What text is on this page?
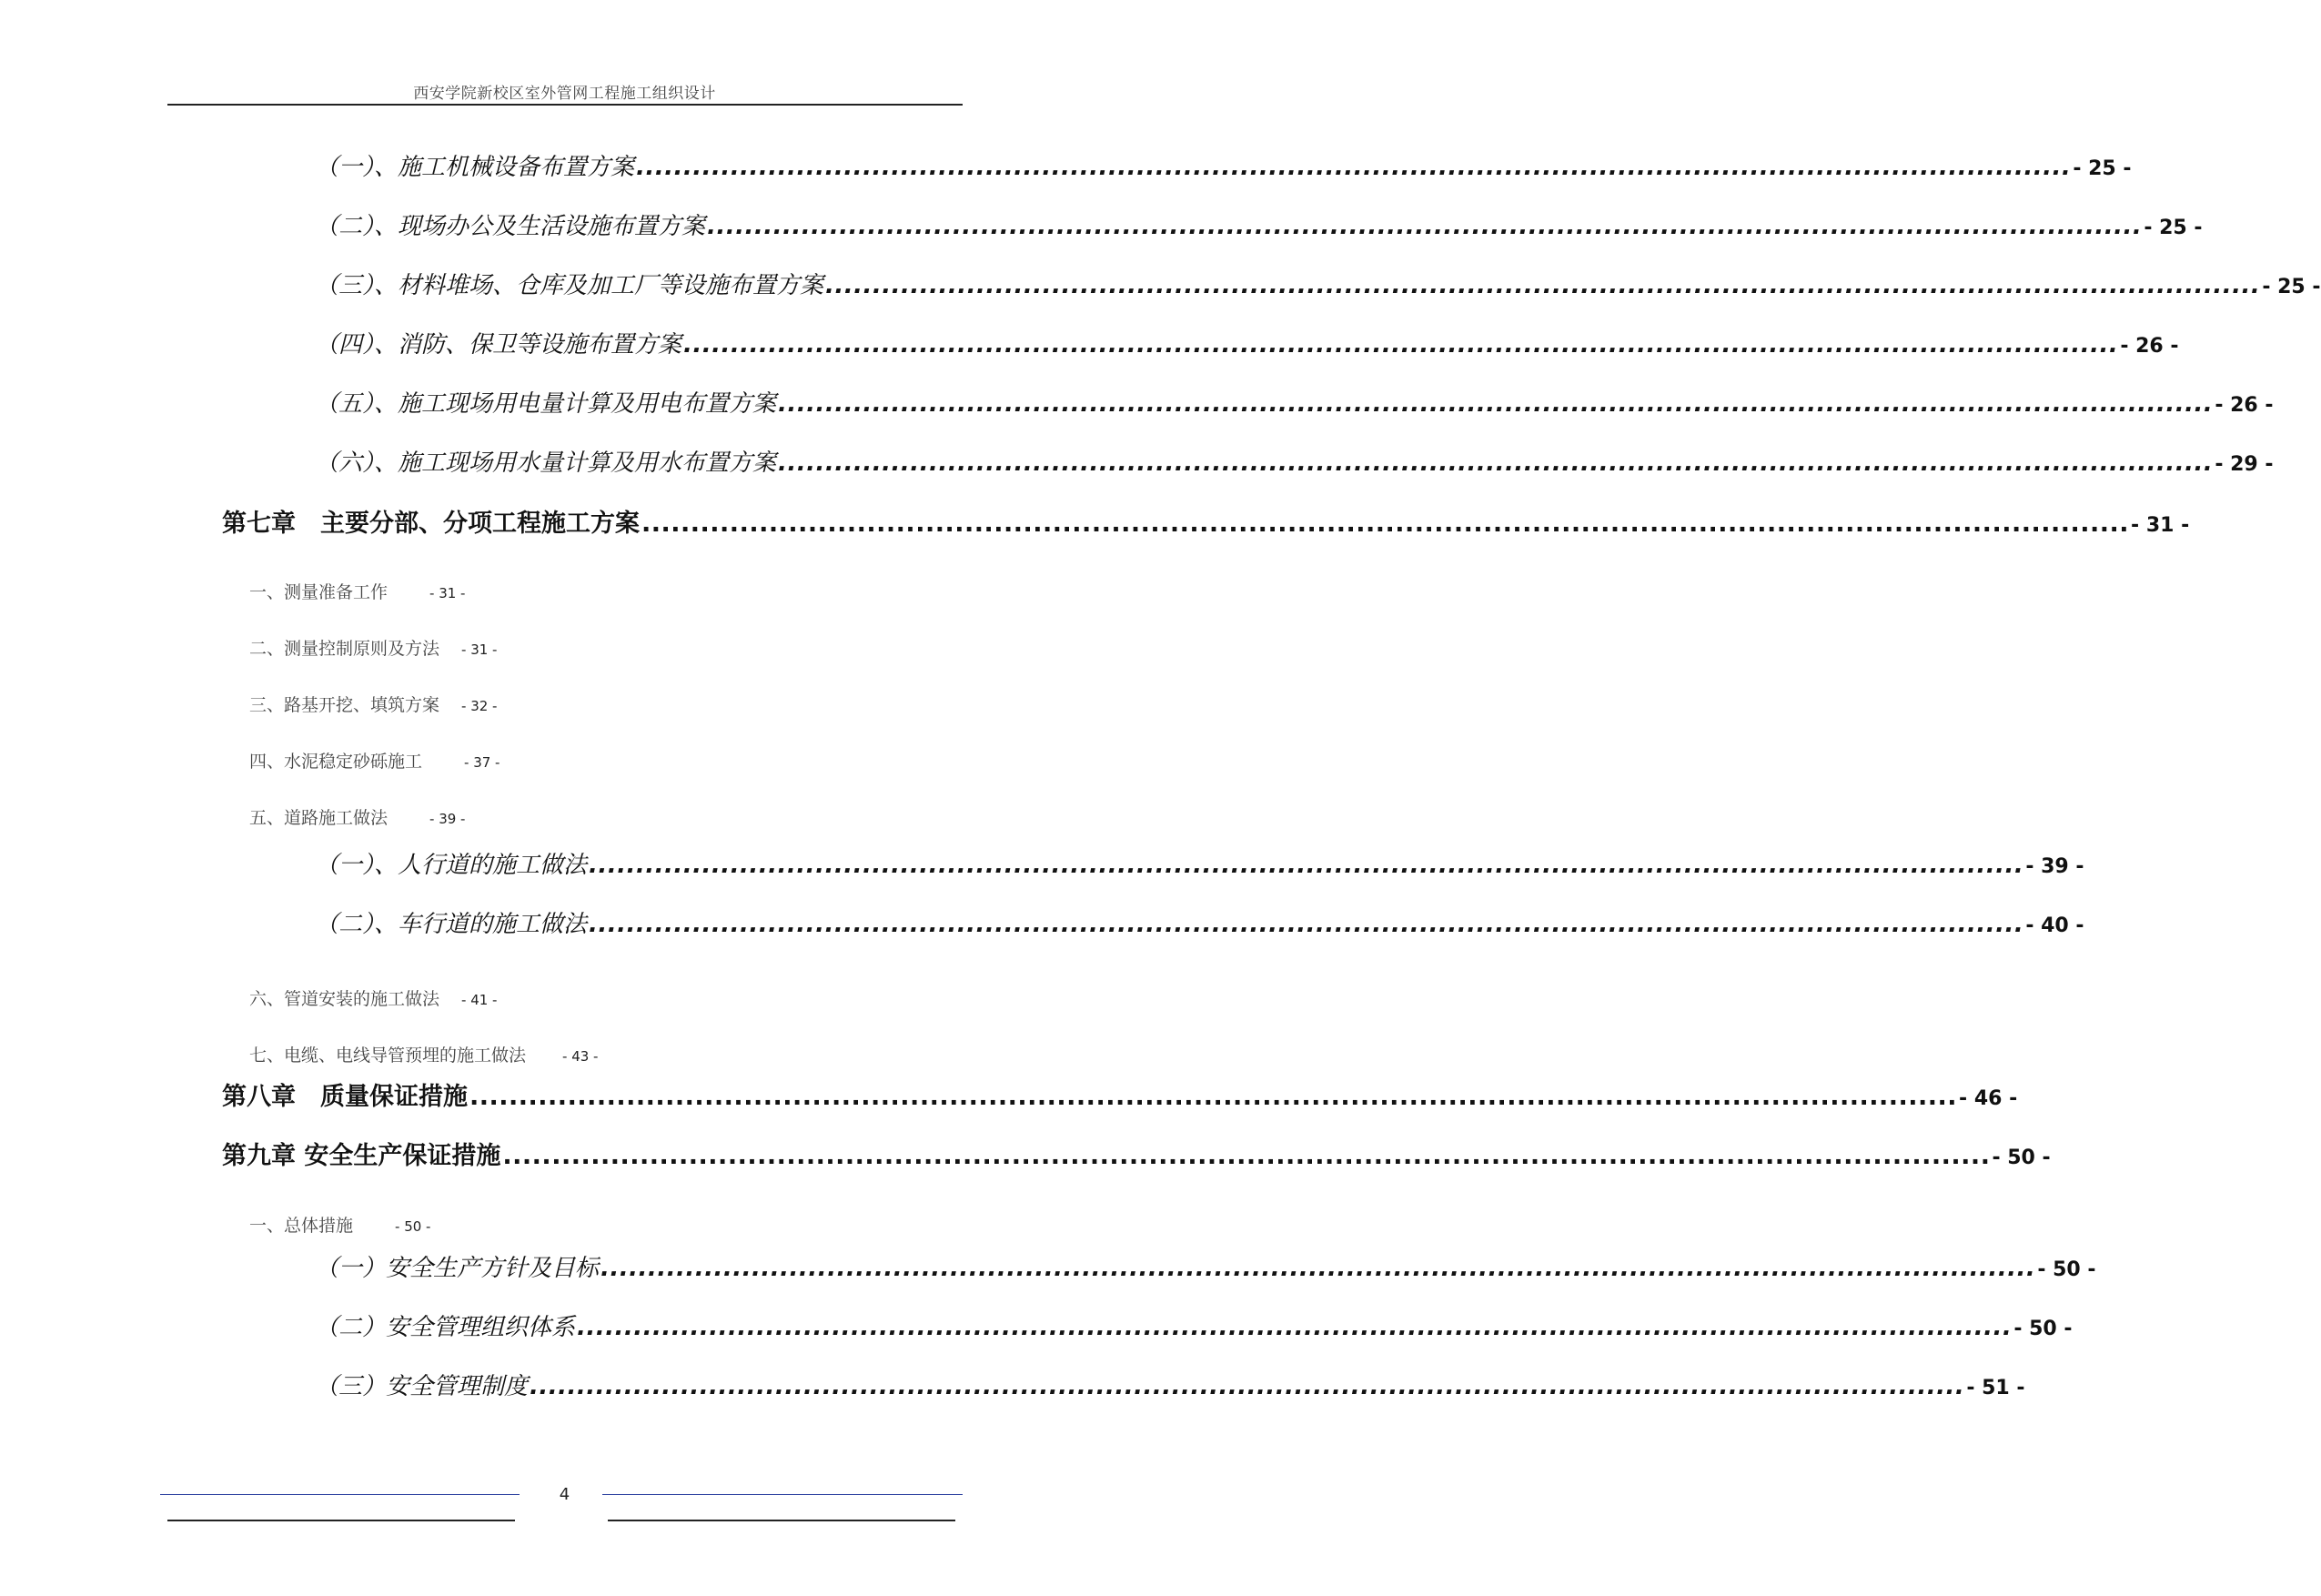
西安学院新校区室外管网工程施工组织设计
（一）、施工机械设备布置方案 ........................................................................................................................................................ - 25 -
（二）、现场办公及生活设施布置方案 ........................................................................................................................................................ - 25 -
（三）、材料堆场、仓库及加工厂等设施布置方案 ........................................................................................................................................................ - 25 -
（四）、消防、保卫等设施布置方案 ........................................................................................................................................................ - 26 -
（五）、施工现场用电量计算及用电布置方案 ........................................................................................................................................................ - 26 -
（六）、施工现场用水量计算及用水布置方案 ........................................................................................................................................................ - 29 -
第七章　主要分部、分项工程施工方案 ........................................................................................................................................................ - 31 -
一、测量准备工作	- 31 -
二、测量控制原则及方法 - 31 -
三、路基开挖、填筑方案 - 32 -
四、水泥稳定砂砾施工	- 37 -
五、道路施工做法	- 39 -
（一）、人行道的施工做法 ........................................................................................................................................................ - 39 -
（二）、车行道的施工做法 ........................................................................................................................................................ - 40 -
六、管道安装的施工做法 - 41 -
七、电缆、电线导管预埋的施工做法	- 43 -
第八章　质量保证措施 ........................................................................................................................................................ - 46 -
第九章 安全生产保证措施 ........................................................................................................................................................ - 50 -
一、总体措施	- 50 -
（一）安全生产方针及目标 ........................................................................................................................................................ - 50 -
（二）安全管理组织体系 ........................................................................................................................................................ - 50 -
（三）安全管理制度 ........................................................................................................................................................ - 51 -
4
